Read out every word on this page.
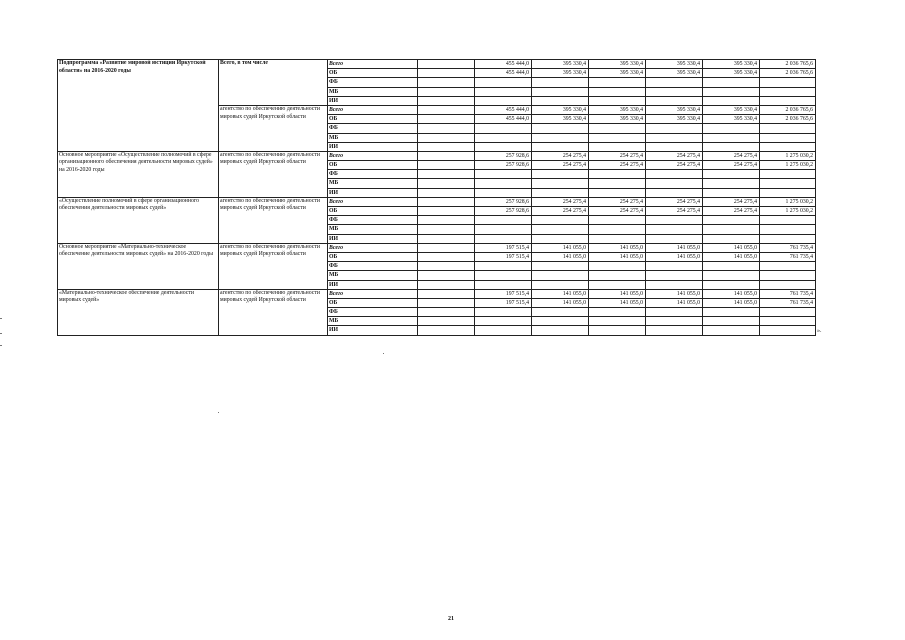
Подпрограмма «Развитие мировой юстиции Иркутской области» на 2016-2020 годы	Всего, в том числе	Всего		455 444,0	395 330,4	395 330,4	395 330,4	395 330,4	2 036 765,6
		ОБ		455 444,0	395 330,4	395 330,4	395 330,4	395 330,4	2 036 765,6
		ФБ							
		МБ							
		ИИ							
	агентство по обеспечению деятельности мировых судей Иркутской области	Всего		455 444,0	395 330,4	395 330,4	395 330,4	395 330,4	2 036 765,6
		ОБ		455 444,0	395 330,4	395 330,4	395 330,4	395 330,4	2 036 765,6
		ФБ							
		МБ							
		ИИ							
Основное мероприятие «Осуществление полномочий в сфере организационного обеспечения деятельности мировых судей» на 2016-2020 годы	агентство по обеспечению деятельности мировых судей Иркутской области	Всего		257 928,6	254 275,4	254 275,4	254 275,4	254 275,4	1 275 030,2
		ОБ		257 928,6	254 275,4	254 275,4	254 275,4	254 275,4	1 275 030,2
		ФБ							
		МБ							
		ИИ							
«Осуществление полномочий в сфере организационного обеспечения деятельности мировых судей»	агентство по обеспечению деятельности мировых судей Иркутской области	Всего		257 928,6	254 275,4	254 275,4	254 275,4	254 275,4	1 275 030,2
		ОБ		257 928,6	254 275,4	254 275,4	254 275,4	254 275,4	1 275 030,2
		ФБ							
		МБ							
		ИИ							
Основное мероприятие «Материально-техническое обеспечение деятельности мировых судей» на 2016-2020 годы	агентство по обеспечению деятельности мировых судей Иркутской области	Всего		197 515,4	141 055,0	141 055,0	141 055,0	141 055,0	761 735,4
		ОБ		197 515,4	141 055,0	141 055,0	141 055,0	141 055,0	761 735,4
		ФБ							
		МБ							
		ИИ							
«Материально-техническое обеспечение деятельности мировых судей»	агентство по обеспечению деятельности мировых судей Иркутской области	Всего		197 515,4	141 055,0	141 055,0	141 055,0	141 055,0	761 735,4
		ОБ		197 515,4	141 055,0	141 055,0	141 055,0	141 055,0	761 735,4
		ФБ							
		МБ							
		ИИ								».
21
